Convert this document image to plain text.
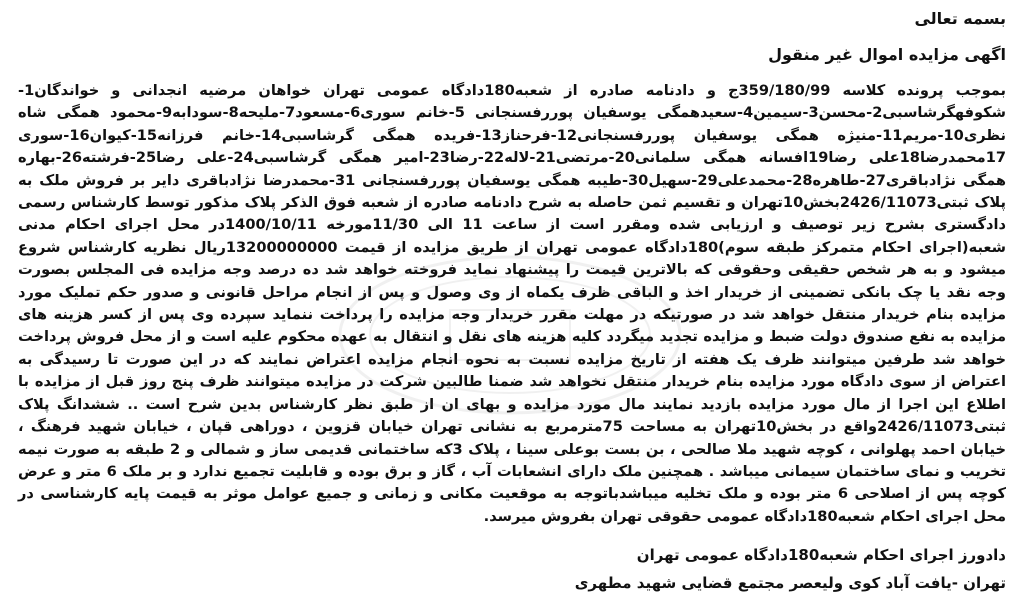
بسمه تعالی
اگهی مزایده اموال غیر منقول
بموجب پرونده کلاسه 359/180/99ج و دادنامه صادره از شعبه180دادگاه عمومی تهران خواهان مرضیه انجدانی و خواندگان1-شکوفهگرشاسبی2-محسن3-سیمین4-سعیدهمگی یوسفیان پوررفسنجانی 5-خانم سوری6-مسعود7-ملیحه8-سودابه9-محمود همگی شاه نظری10-مریم11-منیژه همگی یوسفیان پوررفسنجانی12-فرحناز13-فریده همگی گرشاسبی14-خانم فرزانه15-کیوان16-سوری 17محمدرضا18علی رضا19افسانه همگی سلمانی20-مرتضی21-لاله22-رضا23-امیر همگی گرشاسبی24-علی رضا25-فرشته26-بهاره همگی نژادباقری27-طاهره28-محمدعلی29-سهیل30-طیبه همگی یوسفیان پوررفسنجانی 31-محمدرضا نژادباقری دایر بر فروش ملک به پلاک ثبتی2426/11073بخش10تهران و تقسیم ثمن حاصله به شرح دادنامه صادره از شعبه فوق الذکر پلاک مذکور توسط کارشناس رسمی دادگستری بشرح زیر توصیف و ارزیابی شده ومقرر است از ساعت 11 الی 11/30مورخه 1400/10/11در محل اجرای احکام مدنی شعبه(اجرای احکام متمرکز طبقه سوم)180دادگاه عمومی تهران از طریق مزایده از قیمت 13200000000ریال نظریه کارشناس شروع میشود و به هر شخص حقیقی وحقوقی که بالاترین قیمت را پیشنهاد نماید فروخته خواهد شد ده درصد وجه مزایده فی المجلس بصورت وجه نقد یا چک بانکی تضمینی از خریدار اخذ و الباقی ظرف یکماه از وی وصول و پس از انجام مراحل قانونی و صدور حکم تملیک مورد مزایده بنام خریدار منتقل خواهد شد در صورتیکه در مهلت مقرر خریدار وجه مزایده را پرداخت ننماید سپرده وی پس از کسر هزینه های مزایده به نفع صندوق دولت ضبط و مزایده تجدید میگردد کلیه هزینه های نقل و انتقال به عهده محکوم علیه است و از محل فروش پرداخت خواهد شد طرفین میتوانند ظرف یک هفته از تاریخ مزایده نسبت به نحوه انجام مزایده اعتراض نمایند که در این صورت تا رسیدگی به اعتراض از سوی دادگاه مورد مزایده بنام خریدار منتقل نخواهد شد ضمنا طالبین شرکت در مزایده میتوانند ظرف پنج روز قبل از مزایده با اطلاع این اجرا از مال مورد مزایده بازدید نمایند مال مورد مزایده و بهای ان از طبق نظر کارشناس بدین شرح است .. ششدانگ پلاک ثبتی2426/11073واقع در بخش10تهران به مساحت 75مترمربع به نشانی تهران خیابان قزوین ، دوراهی قپان ، خیابان شهید فرهنگ ، خیابان احمد پهلوانی ، کوچه شهید ملا صالحی ، بن بست بوعلی سینا ، پلاک 3که ساختمانی قدیمی ساز و شمالی و 2 طبقه به صورت نیمه تخریب و نمای ساختمان سیمانی میباشد . همچنین ملک دارای انشعابات آب ، گاز و برق بوده و قابلیت تجمیع ندارد و بر ملک 6 متر و عرض کوچه پس از اصلاحی 6 متر بوده و ملک تخلیه میباشدباتوجه به موقعیت مکانی و زمانی و جمیع عوامل موثر به قیمت پایه کارشناسی در محل اجرای احکام شعبه180دادگاه عمومی حقوقی تهران بفروش میرسد.
دادورز اجرای احکام شعبه180دادگاه عمومی تهران
تهران -یافت آباد کوی ولیعصر مجتمع قضایی شهید مطهری
